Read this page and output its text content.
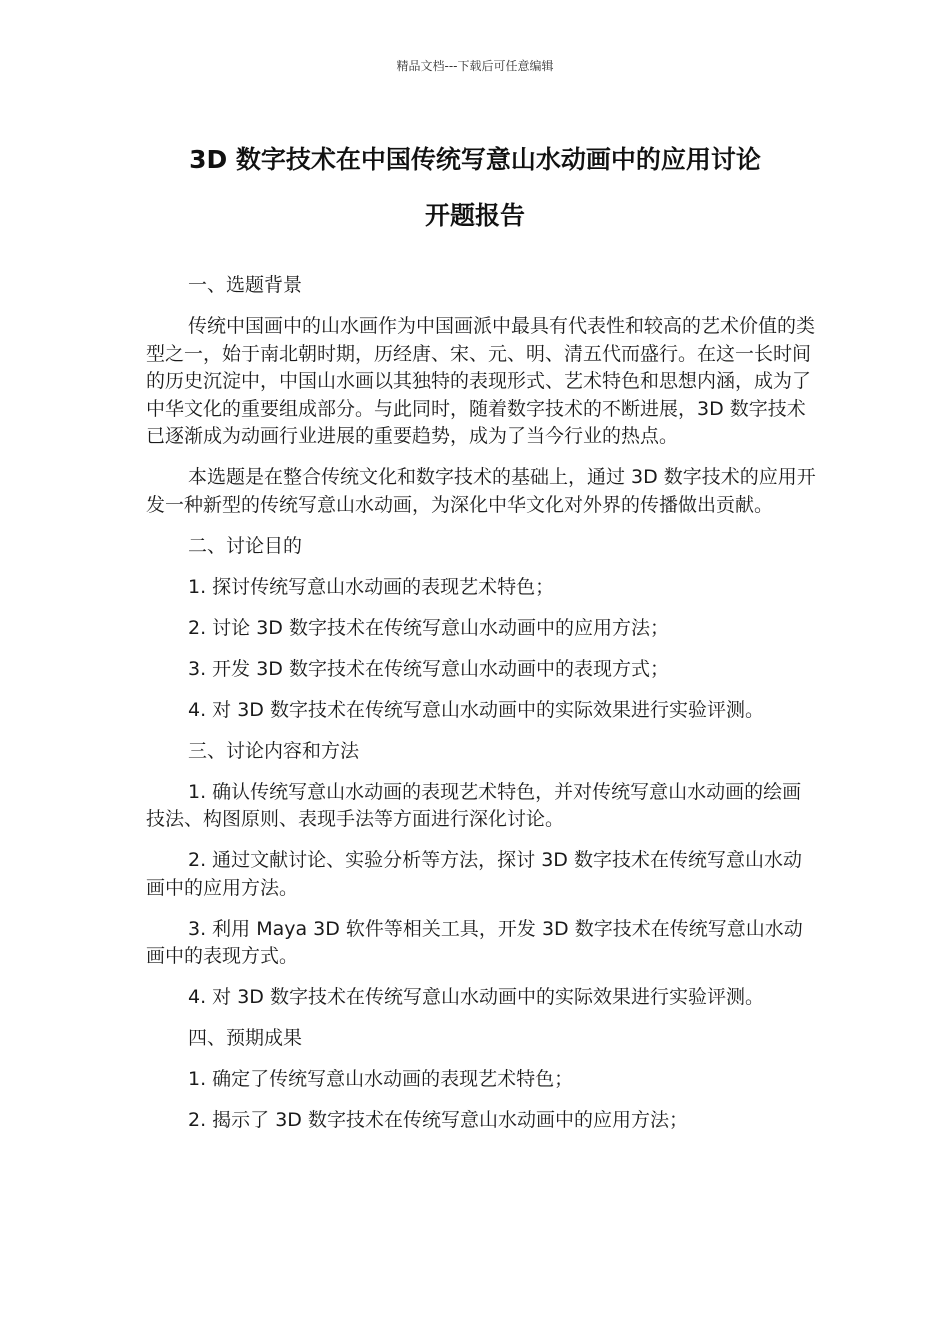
精品文档---下载后可任意编辑
3D 数字技术在中国传统写意山水动画中的应用讨论
开题报告

一、选题背景

传统中国画中的山水画作为中国画派中最具有代表性和较高的艺术价值的类型之一，始于南北朝时期，历经唐、宋、元、明、清五代而盛行。在这一长时间的历史沉淀中，中国山水画以其独特的表现形式、艺术特色和思想内涵，成为了中华文化的重要组成部分。与此同时，随着数字技术的不断进展，3D 数字技术已逐渐成为动画行业进展的重要趋势，成为了当今行业的热点。

本选题是在整合传统文化和数字技术的基础上，通过 3D 数字技术的应用开发一种新型的传统写意山水动画，为深化中华文化对外界的传播做出贡献。

二、讨论目的

1. 探讨传统写意山水动画的表现艺术特色；

2. 讨论 3D 数字技术在传统写意山水动画中的应用方法；

3. 开发 3D 数字技术在传统写意山水动画中的表现方式；

4. 对 3D 数字技术在传统写意山水动画中的实际效果进行实验评测。

三、讨论内容和方法

1. 确认传统写意山水动画的表现艺术特色，并对传统写意山水动画的绘画技法、构图原则、表现手法等方面进行深化讨论。

2. 通过文献讨论、实验分析等方法，探讨 3D 数字技术在传统写意山水动画中的应用方法。

3. 利用 Maya 3D 软件等相关工具，开发 3D 数字技术在传统写意山水动画中的表现方式。

4. 对 3D 数字技术在传统写意山水动画中的实际效果进行实验评测。

四、预期成果

1. 确定了传统写意山水动画的表现艺术特色；

2. 揭示了 3D 数字技术在传统写意山水动画中的应用方法；
